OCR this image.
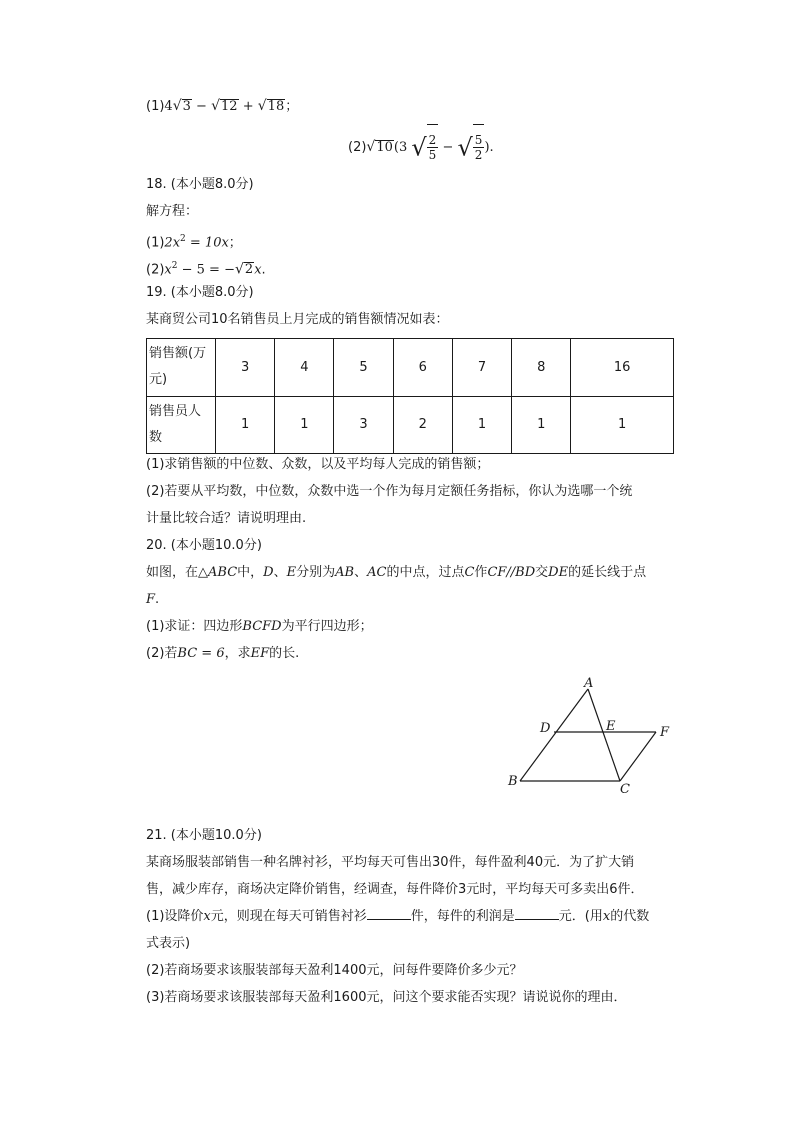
(1)4√3 − √12 + √18；
(2)√10(3 √ $\frac{2}{5}$ − √ $\frac{5}{2}$ ).
18. (本小题8.0分)
解方程：
$(1)2x^2 = 10x$；
$(2)x^2 - 5 = -√2x$.
19. (本小题8.0分)
某商贸公司10名销售员上月完成的销售额情况如表：
销售额(万元)	3	4	5	6	7	8	16
销售员人数	1	1	3	2	1	1	1
(1)求销售额的中位数、众数，以及平均每人完成的销售额；
(2)若要从平均数，中位数，众数中选一个作为每月定额任务指标，你认为选哪一个统
计量比较合适？请说明理由.
20. (本小题10.0分)
如图，在△ABC中，D、E分别为AB、AC的中点，过点C作CF//BD交DE的延长线于点
F.
(1)求证：四边形BCFD为平行四边形；
(2)若BC = 6，求EF的长.
A
B
C
D	E	F
21. (本小题10.0分)
某商场服装部销售一种名牌衬衫，平均每天可售出30件，每件盈利40元．为了扩大销
售，减少库存，商场决定降价销售，经调查，每件降价3元时，平均每天可多卖出6件．
(1)设降价x元，则现在每天可销售衬衫	件，每件的利润是	元．(用x的代数
式表示)
(2)若商场要求该服装部每天盈利1400元，问每件要降价多少元？
(3)若商场要求该服装部每天盈利1600元，问这个要求能否实现？请说说你的理由．
